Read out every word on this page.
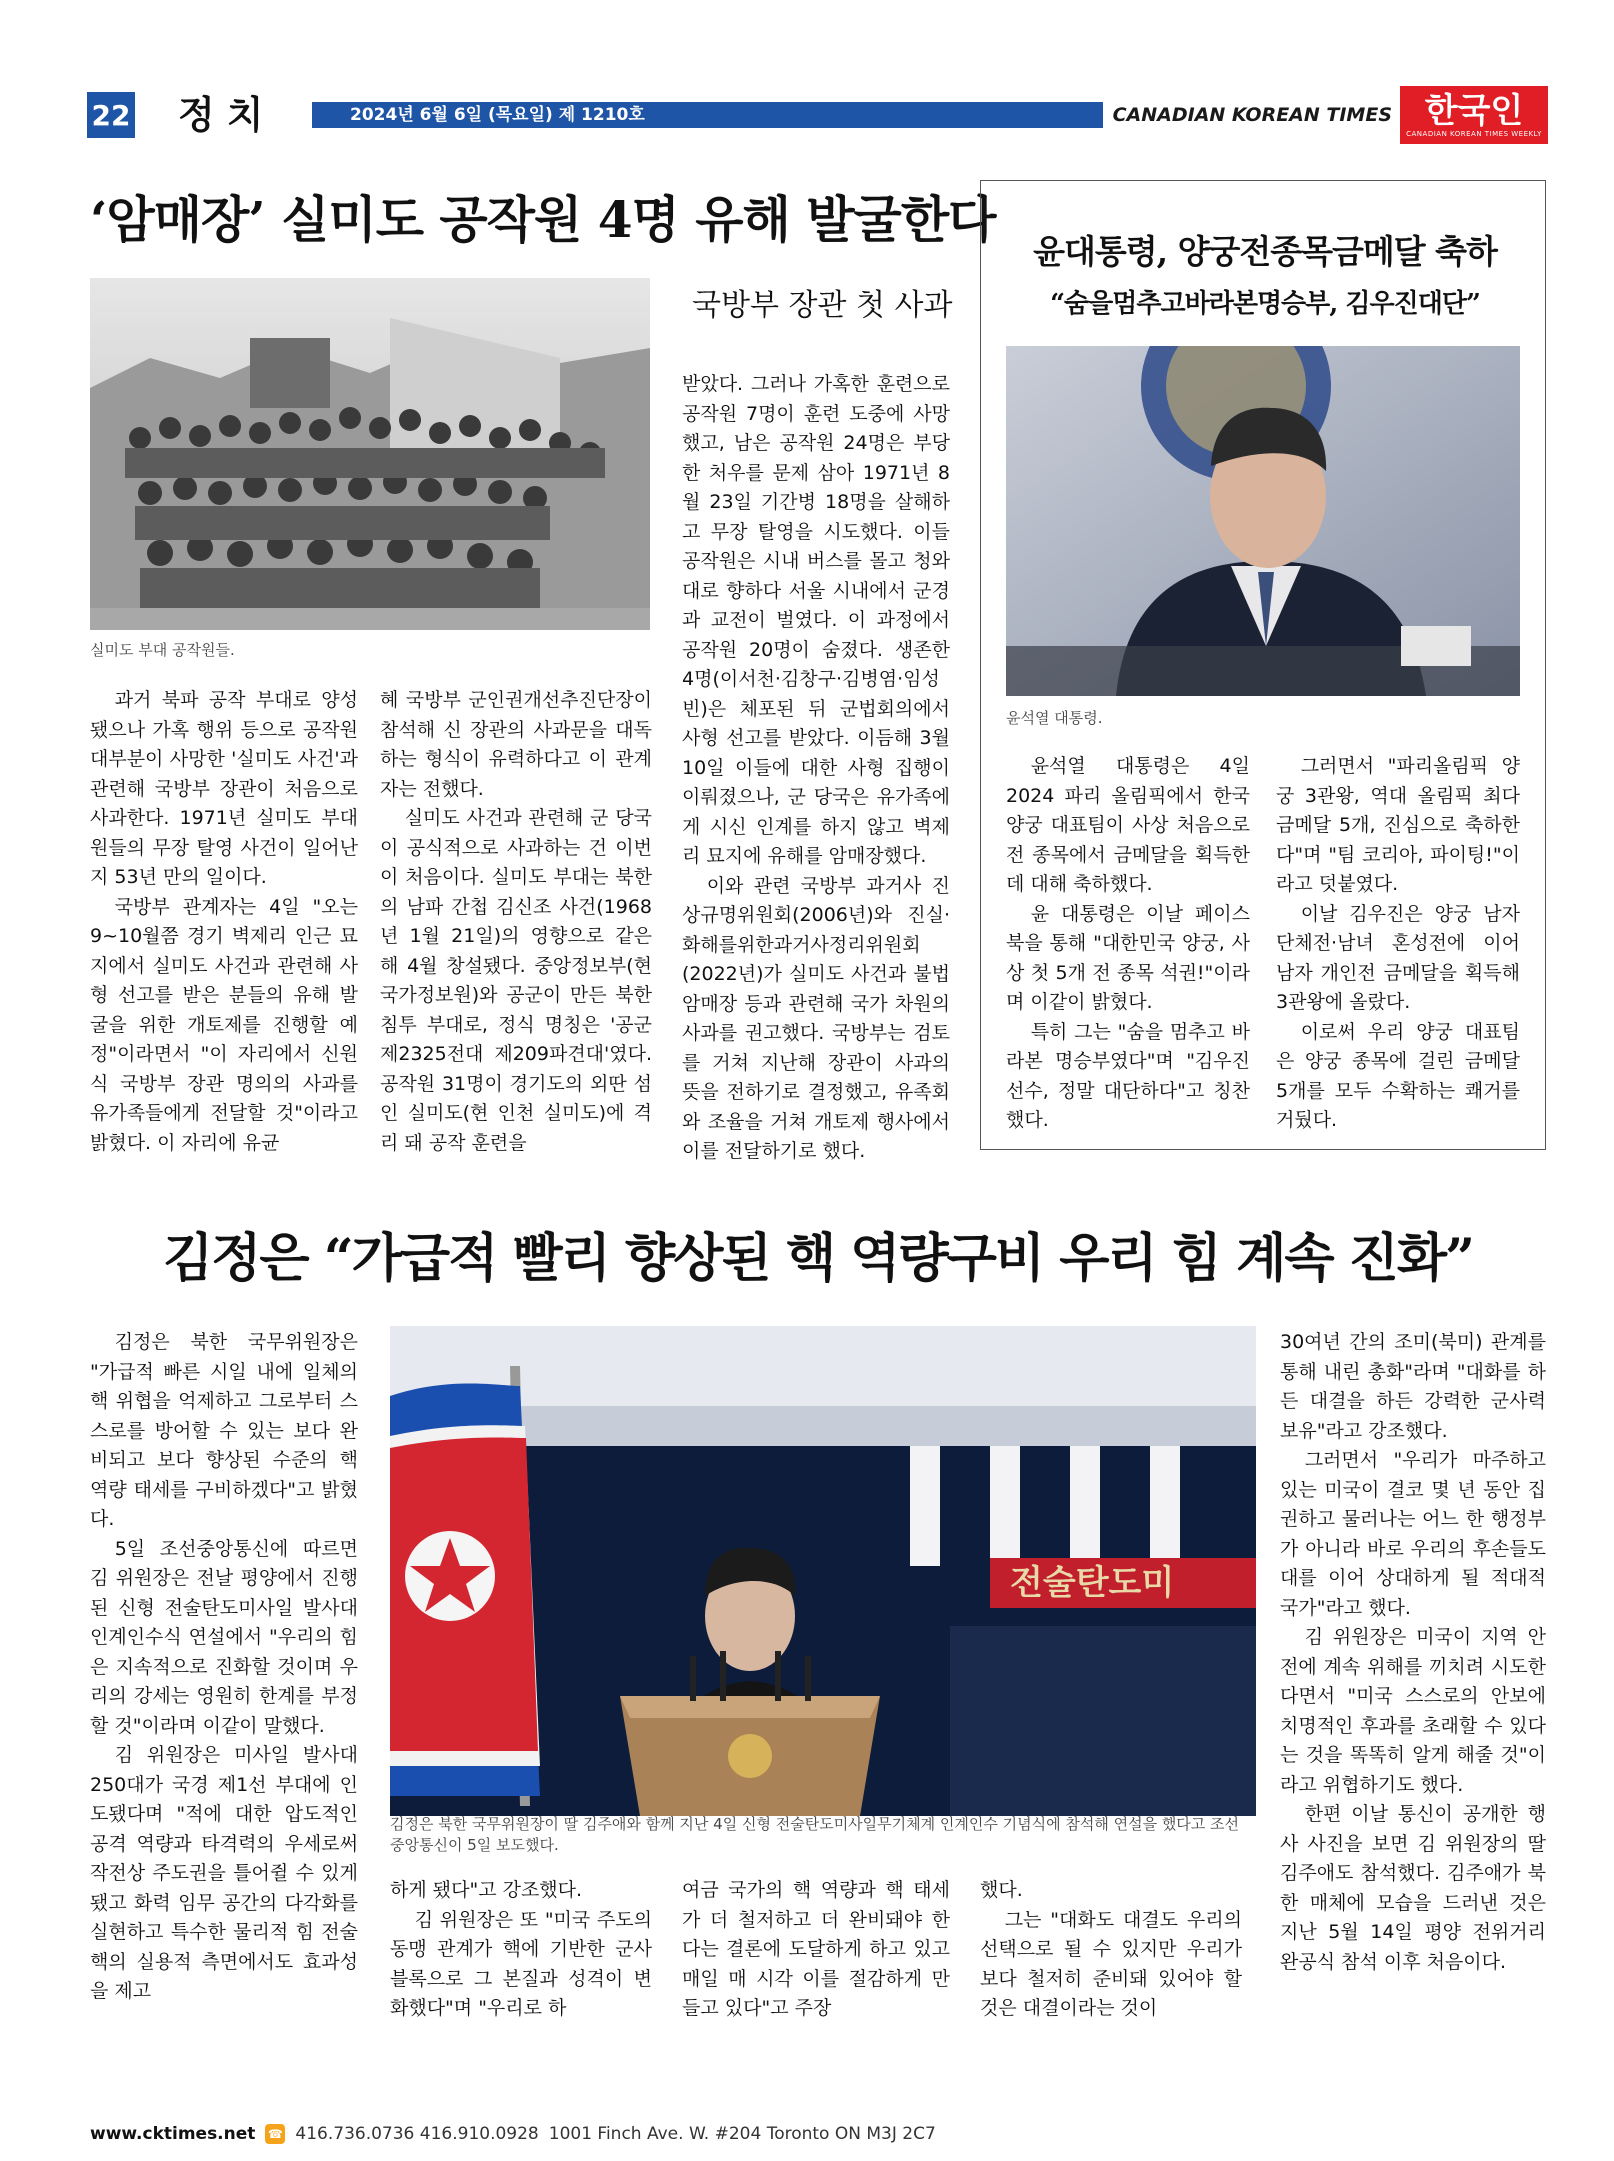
22 정치	2024년 6월 6일 (목요일) 제 1210호	CANADIAN KOREAN TIMES 한국인
CANADIAN KOREAN TIMES WEEKLY
‘암매장’ 실미도 공작원 4명 유해 발굴한다
국방부 장관 첫 사과
실미도 부대 공작원들.

과거 북파 공작 부대로 양성됐으나 가혹 행위 등으로 공작원 대부분이 사망한 '실미도 사건'과 관련해 국방부 장관이 처음으로 사과한다. 1971년 실미도 부대원들의 무장 탈영 사건이 일어난지 53년 만의 일이다.

국방부 관계자는 4일 "오는 9~10월쯤 경기 벽제리 인근 묘지에서 실미도 사건과 관련해 사형 선고를 받은 분들의 유해 발굴을 위한 개토제를 진행할 예정"이라면서 "이 자리에서 신원식 국방부 장관 명의의 사과를 유가족들에게 전달할 것"이라고 밝혔다. 이 자리에 유균

혜 국방부 군인권개선추진단장이 참석해 신 장관의 사과문을 대독하는 형식이 유력하다고 이 관계자는 전했다.

실미도 사건과 관련해 군 당국이 공식적으로 사과하는 건 이번이 처음이다. 실미도 부대는 북한의 남파 간첩 김신조 사건(1968년 1월 21일)의 영향으로 같은 해 4월 창설됐다. 중앙정보부(현 국가정보원)와 공군이 만든 북한 침투 부대로, 정식 명칭은 '공군 제2325전대 제209파견대'였다. 공작원 31명이 경기도의 외딴 섬인 실미도(현 인천 실미도)에 격리 돼 공작 훈련을

받았다. 그러나 가혹한 훈련으로 공작원 7명이 훈련 도중에 사망했고, 남은 공작원 24명은 부당한 처우를 문제 삼아 1971년 8월 23일 기간병 18명을 살해하고 무장 탈영을 시도했다. 이들 공작원은 시내 버스를 몰고 청와대로 향하다 서울 시내에서 군경과 교전이 벌였다. 이 과정에서 공작원 20명이 숨졌다. 생존한 4명(이서천·김창구·김병염·임성빈)은 체포된 뒤 군법회의에서 사형 선고를 받았다. 이듬해 3월 10일 이들에 대한 사형 집행이 이뤄졌으나, 군 당국은 유가족에게 시신 인계를 하지 않고 벽제리 묘지에 유해를 암매장했다.

이와 관련 국방부 과거사 진상규명위원회(2006년)와 진실·화해를위한과거사정리위원회(2022년)가 실미도 사건과 불법 암매장 등과 관련해 국가 차원의 사과를 권고했다. 국방부는 검토를 거쳐 지난해 장관이 사과의 뜻을 전하기로 결정했고, 유족회와 조율을 거쳐 개토제 행사에서 이를 전달하기로 했다.

윤대통령, 양궁전종목금메달 축하
“숨을멈추고바라본명승부, 김우진대단”
윤석열 대통령.

윤석열 대통령은 4일 2024 파리 올림픽에서 한국 양궁 대표팀이 사상 처음으로 전 종목에서 금메달을 획득한 데 대해 축하했다.

윤 대통령은 이날 페이스북을 통해 "대한민국 양궁, 사상 첫 5개 전 종목 석권!"이라며 이같이 밝혔다.

특히 그는 "숨을 멈추고 바라본 명승부였다"며 "김우진 선수, 정말 대단하다"고 칭찬했다.

그러면서 "파리올림픽 양궁 3관왕, 역대 올림픽 최다 금메달 5개, 진심으로 축하한다"며 "팀 코리아, 파이팅!"이라고 덧붙였다.

이날 김우진은 양궁 남자 단체전·남녀 혼성전에 이어 남자 개인전 금메달을 획득해 3관왕에 올랐다.

이로써 우리 양궁 대표팀은 양궁 종목에 걸린 금메달 5개를 모두 수확하는 쾌거를 거뒀다.

김정은 “가급적 빨리 향상된 핵 역량구비 우리 힘 계속 진화”
전술탄도미
김정은 북한 국무위원장이 딸 김주애와 함께 지난 4일 신형 전술탄도미사일무기체계 인계인수 기념식에 참석해 연설을 했다고 조선중앙통신이 5일 보도했다.

김정은 북한 국무위원장은 "가급적 빠른 시일 내에 일체의 핵 위협을 억제하고 그로부터 스스로를 방어할 수 있는 보다 완비되고 보다 향상된 수준의 핵 역량 태세를 구비하겠다"고 밝혔다.

5일 조선중앙통신에 따르면 김 위원장은 전날 평양에서 진행된 신형 전술탄도미사일 발사대 인계인수식 연설에서 "우리의 힘은 지속적으로 진화할 것이며 우리의 강세는 영원히 한계를 부정할 것"이라며 이같이 말했다.

김 위원장은 미사일 발사대 250대가 국경 제1선 부대에 인도됐다며 "적에 대한 압도적인 공격 역량과 타격력의 우세로써 작전상 주도권을 틀어쥘 수 있게 됐고 화력 임무 공간의 다각화를 실현하고 특수한 물리적 힘 전술핵의 실용적 측면에서도 효과성을 제고

하게 됐다"고 강조했다.

김 위원장은 또 "미국 주도의 동맹 관계가 핵에 기반한 군사 블록으로 그 본질과 성격이 변화했다"며 "우리로 하

여금 국가의 핵 역량과 핵 태세가 더 철저하고 더 완비돼야 한다는 결론에 도달하게 하고 있고 매일 매 시각 이를 절감하게 만들고 있다"고 주장

했다.

그는 "대화도 대결도 우리의 선택으로 될 수 있지만 우리가 보다 철저히 준비돼 있어야 할 것은 대결이라는 것이

30여년 간의 조미(북미) 관계를 통해 내린 총화"라며 "대화를 하든 대결을 하든 강력한 군사력 보유"라고 강조했다.

그러면서 "우리가 마주하고 있는 미국이 결코 몇 년 동안 집권하고 물러나는 어느 한 행정부가 아니라 바로 우리의 후손들도 대를 이어 상대하게 될 적대적 국가"라고 했다.

김 위원장은 미국이 지역 안전에 계속 위해를 끼치려 시도한다면서 "미국 스스로의 안보에 치명적인 후과를 초래할 수 있다는 것을 똑똑히 알게 해줄 것"이라고 위협하기도 했다.

한편 이날 통신이 공개한 행사 사진을 보면 김 위원장의 딸 김주애도 참석했다. 김주애가 북한 매체에 모습을 드러낸 것은 지난 5월 14일 평양 전위거리 완공식 참석 이후 처음이다.

www.cktimes.net ☎ 416.736.0736 416.910.0928 1001 Finch Ave. W. #204 Toronto ON M3J 2C7
